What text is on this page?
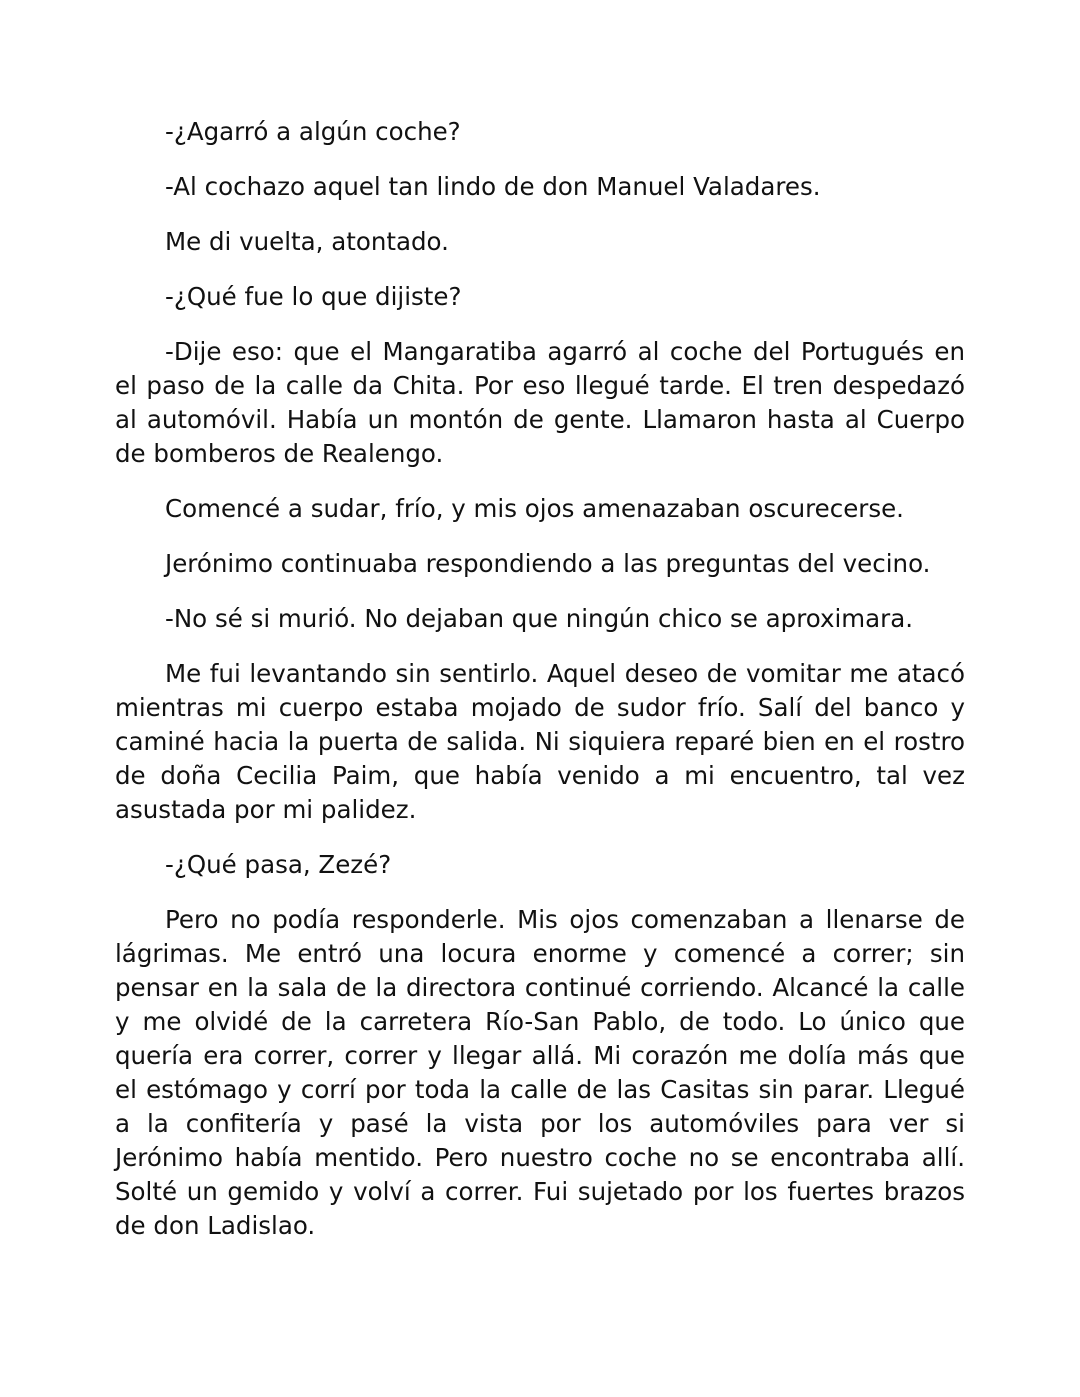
-¿Agarró a algún coche?

-Al cochazo aquel tan lindo de don Manuel Valadares.

Me di vuelta, atontado.

-¿Qué fue lo que dijiste?

-Dije eso: que el Mangaratiba agarró al coche del Portugués en el paso de la calle da Chita. Por eso llegué tarde. El tren despedazó al automóvil. Había un montón de gente. Llamaron hasta al Cuerpo de bomberos de Realengo.

Comencé a sudar, frío, y mis ojos amenazaban oscurecerse.

Jerónimo continuaba respondiendo a las preguntas del vecino.

-No sé si murió. No dejaban que ningún chico se aproximara.

Me fui levantando sin sentirlo. Aquel deseo de vomitar me atacó mientras mi cuerpo estaba mojado de sudor frío. Salí del banco y caminé hacia la puerta de salida. Ni siquiera reparé bien en el rostro de doña Cecilia Paim, que había venido a mi encuentro, tal vez asustada por mi palidez.

-¿Qué pasa, Zezé?

Pero no podía responderle. Mis ojos comenzaban a llenarse de lágrimas. Me entró una locura enorme y comencé a correr; sin pensar en la sala de la directora continué corriendo. Alcancé la calle y me olvidé de la carretera Río-San Pablo, de todo. Lo único que quería era correr, correr y llegar allá. Mi corazón me dolía más que el estómago y corrí por toda la calle de las Casitas sin parar. Llegué a la confitería y pasé la vista por los automóviles para ver si Jerónimo había mentido. Pero nuestro coche no se encontraba allí. Solté un gemido y volví a correr. Fui sujetado por los fuertes brazos de don Ladislao.
